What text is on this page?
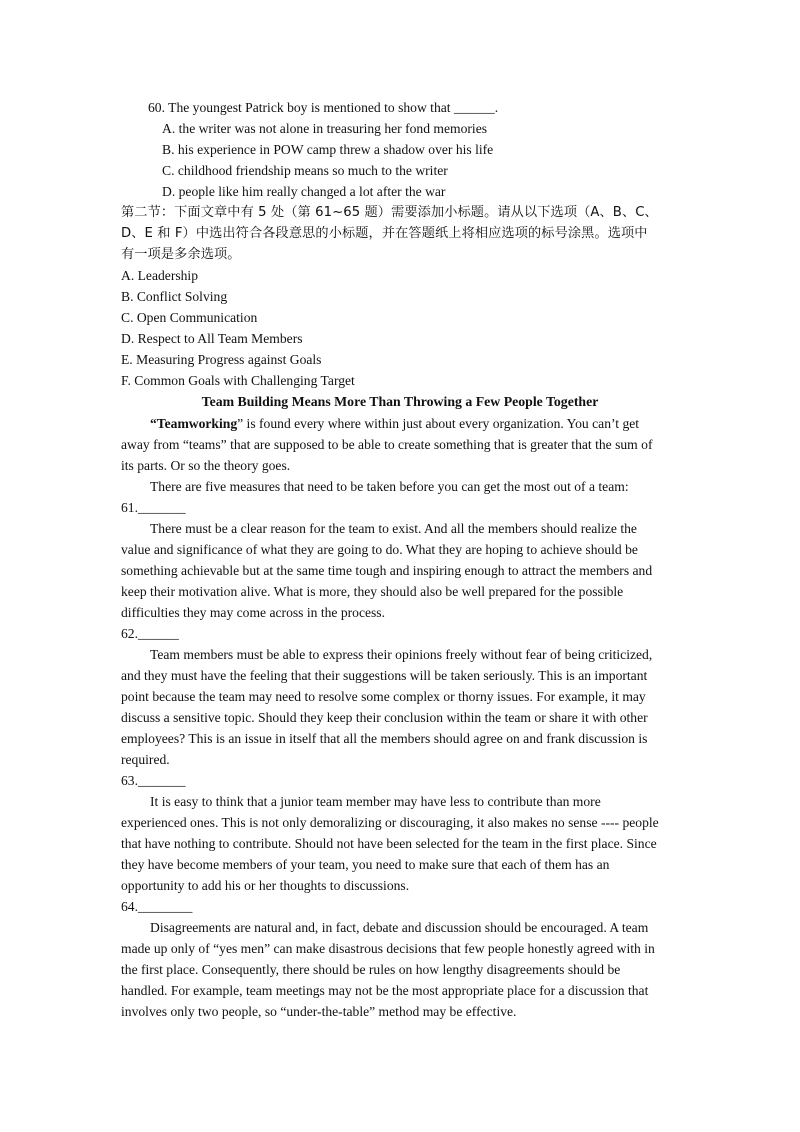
60. The youngest Patrick boy is mentioned to show that ______.
A. the writer was not alone in treasuring her fond memories
B. his experience in POW camp threw a shadow over his life
C. childhood friendship means so much to the writer
D. people like him really changed a lot after the war
第二节：下面文章中有 5 处（第 61~65 题）需要添加小标题。请从以下选项（A、B、C、
D、E 和 F）中选出符合各段意思的小标题，并在答题纸上将相应选项的标号涂黑。选项中
有一项是多余选项。
A. Leadership
B. Conflict Solving
C. Open Communication
D. Respect to All Team Members
E. Measuring Progress against Goals
F. Common Goals with Challenging Target
Team Building Means More Than Throwing a Few People Together
“Teamworking” is found every where within just about every organization. You can’t get
away from “teams” that are supposed to be able to create something that is greater that the sum of
its parts. Or so the theory goes.
There are five measures that need to be taken before you can get the most out of a team:
61._______
There must be a clear reason for the team to exist. And all the members should realize the
value and significance of what they are going to do. What they are hoping to achieve should be
something achievable but at the same time tough and inspiring enough to attract the members and
keep their motivation alive. What is more, they should also be well prepared for the possible
difficulties they may come across in the process.
62.______
Team members must be able to express their opinions freely without fear of being criticized,
and they must have the feeling that their suggestions will be taken seriously. This is an important
point because the team may need to resolve some complex or thorny issues. For example, it may
discuss a sensitive topic. Should they keep their conclusion within the team or share it with other
employees? This is an issue in itself that all the members should agree on and frank discussion is
required.
63._______
It is easy to think that a junior team member may have less to contribute than more
experienced ones. This is not only demoralizing or discouraging, it also makes no sense ---- people
that have nothing to contribute. Should not have been selected for the team in the first place. Since
they have become members of your team, you need to make sure that each of them has an
opportunity to add his or her thoughts to discussions.
64.________
Disagreements are natural and, in fact, debate and discussion should be encouraged. A team
made up only of “yes men” can make disastrous decisions that few people honestly agreed with in
the first place. Consequently, there should be rules on how lengthy disagreements should be
handled. For example, team meetings may not be the most appropriate place for a discussion that
involves only two people, so “under-the-table” method may be effective.
